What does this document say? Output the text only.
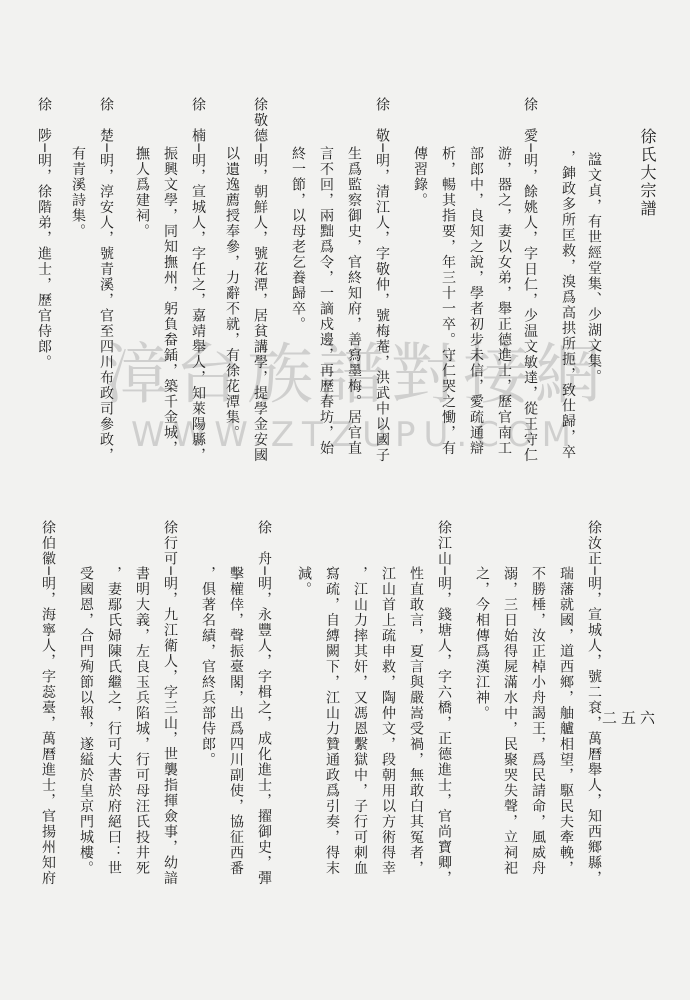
漳台族譜對接網
WWW.ZTZUPU.COM
徐氏大宗譜
二五六
諡文貞，有世經堂集、少湖文集。
，鋛政多所匡救，溴爲高拱所扼，致仕歸，卒
徐　愛─明，餘姚人，字日仁，少温文敏達，從王守仁
游，器之，妻以女弟，舉正德進士，歷官南工
部郎中，良知之說，學者初步未信，愛疏通辯
析，暢其指要，年三十一卒。守仁哭之慟，有
傳習錄。
徐　敬─明，清江人，字敬仲，號梅菴，洪武中以國子
生爲監察御史，官終知府，善寫墨梅。居官直
言不回，兩黜爲令，一謫戍邊，再歷春坊，始
終一節，以母老乞養歸卒。
徐敬德─明，朝鮮人，號花潭，居貧講學，提學金安國
以遺逸薦授奉參，力辭不就，有徐花潭集。
徐　楠─明，宣城人，字任之，嘉靖舉人，知萊陽縣，
振興文學，同知撫州，躬負畚鍤，築千金城，
撫人爲建祠。
徐　楚─明，淳安人，號青溪，官至四川布政司參政，
有青溪詩集。
徐　陟─明，徐階弟，進士，歷官侍郎。
徐汝正─明，宣城人，號二袞，萬曆舉人，知西鄉縣，
瑞藩就國，道西鄉，舳艫相望，駆民夫牽輓，
不勝棰，汝正棹小舟謁王，爲民請命，風威舟
溺，三日始得屍滿水中，民聚哭失聲，立祠祀
之，今相傳爲漢江神。
徐江山─明，錢塘人，字六橋，正德進士，官尚寶卿，
性直敢言，夏言與嚴嵩受禍，無敢白其冤者，
江山首上疏申救，陶仲文，段朝用以方術得幸
，江山力摔其奸，又馮恩繫獄中，子行可刺血
寫疏，自縛闕下，江山力贊通政爲引奏，得末
減。
徐　舟─明，永豐人，字楫之，成化進士，擢御史，彈
擊權倖，聲振臺閣，出爲四川副使，協征西番
，俱著名績，官終兵部侍郎。
徐行可─明，九江衛人，字三山，世襲指揮僉事，幼諳
書明大義，左良玉兵陷城，行可母汪氏投井死
，妻鄢氏婦陳氏繼之，行可大書於府絕曰：世
受國恩，合門殉節以報，遂縊於皇京門城樓。
徐伯徽─明，海寧人，字蕊臺，萬曆進士，官揚州知府
